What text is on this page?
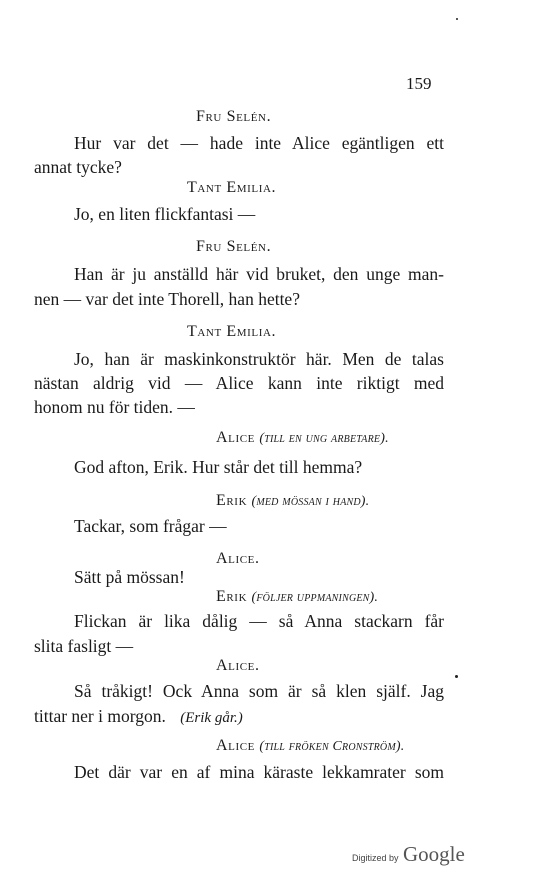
159
Fru Selén.
Hur var det — hade inte Alice egäntligen ett
annat tycke?
Tant Emilia.
Jo, en liten flickfantasi —
Fru Selén.
Han är ju anställd här vid bruket, den unge man-
nen — var det inte Thorell, han hette?
Tant Emilia.
Jo, han är maskinkonstruktör här. Men de talas
nästan aldrig vid — Alice kann inte riktigt med
honom nu för tiden. —
Alice (till en ung arbetare).
God afton, Erik. Hur står det till hemma?
Erik (med mössan i hand).
Tackar, som frågar —
Alice.
Sätt på mössan!
Erik (följer uppmaningen).
Flickan är lika dålig — så Anna stackarn får
slita fasligt —
Alice.
Så tråkigt! Ock Anna som är så klen själf. Jag
tittar ner i morgon. (Erik går.)
Alice (till fröken Cronström).
Det där var en af mina käraste lekkamrater som
Digitized by Google
